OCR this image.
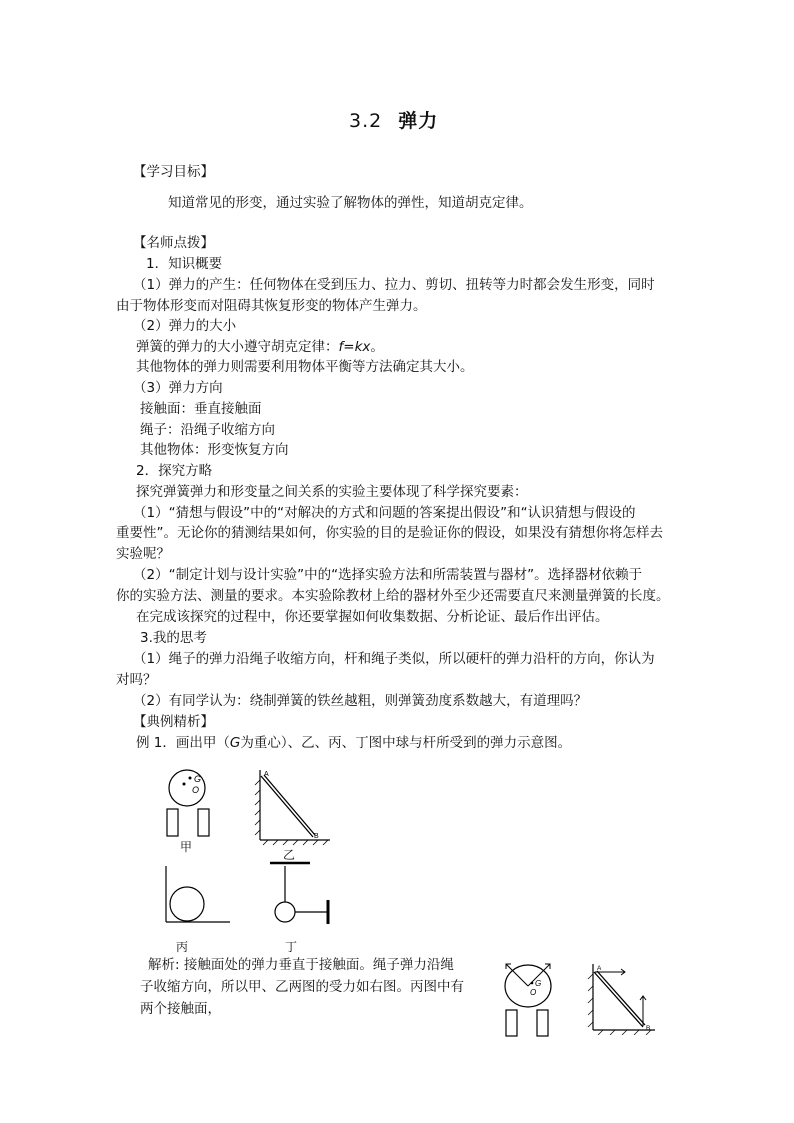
3.2 弹力
【学习目标】
知道常见的形变，通过实验了解物体的弹性，知道胡克定律。
【名师点拨】
1．知识概要
（1）弹力的产生：任何物体在受到压力、拉力、剪切、扭转等力时都会发生形变，同时
由于物体形变而对阻碍其恢复形变的物体产生弹力。
（2）弹力的大小
弹簧的弹力的大小遵守胡克定律：f=kx。
其他物体的弹力则需要利用物体平衡等方法确定其大小。
（3）弹力方向
接触面：垂直接触面
绳子：沿绳子收缩方向
其他物体：形变恢复方向
2．探究方略
探究弹簧弹力和形变量之间关系的实验主要体现了科学探究要素：
（1）“猜想与假设”中的“对解决的方式和问题的答案提出假设”和“认识猜想与假设的
重要性”。无论你的猜测结果如何，你实验的目的是验证你的假设，如果没有猜想你将怎样去
实验呢？
（2）“制定计划与设计实验”中的“选择实验方法和所需装置与器材”。选择器材依赖于
你的实验方法、测量的要求。本实验除教材上给的器材外至少还需要直尺来测量弹簧的长度。
在完成该探究的过程中，你还要掌握如何收集数据、分析论证、最后作出评估。
3.我的思考
（1）绳子的弹力沿绳子收缩方向，杆和绳子类似，所以硬杆的弹力沿杆的方向，你认为
对吗？
（2）有同学认为：绕制弹簧的铁丝越粗，则弹簧劲度系数越大，有道理吗？
【典例精析】
例 1．画出甲（G为重心）、乙、丙、丁图中球与杆所受到的弹力示意图。
G
O
甲
A
B
乙
丙	丁
解析: 接触面处的弹力垂直于接触面。绳子弹力沿绳
子收缩方向，所以甲、乙两图的受力如右图。丙图中有
两个接触面，
G
O
A
B
